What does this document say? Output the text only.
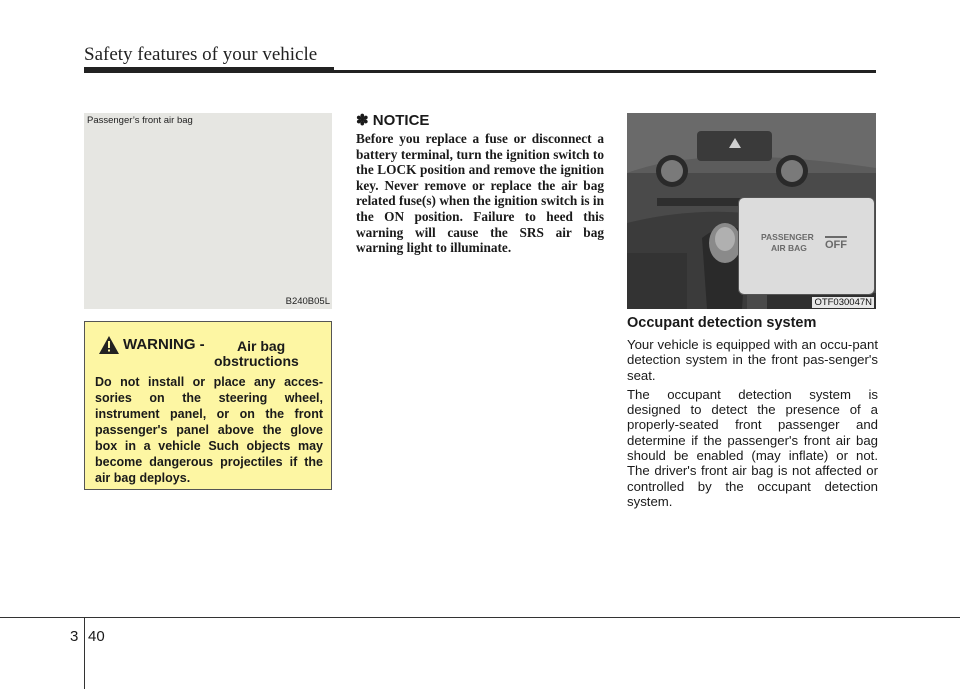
Safety features of your vehicle
Passenger’s front air bag
B240B05L
WARNING - Air bag
obstructions
Do not install or place any acces-sories on the steering wheel, instrument panel, or on the front passenger's panel above the glove box in a vehicle Such objects may become dangerous projectiles if the air bag deploys.
✽ NOTICE
Before you replace a fuse or disconnect a battery terminal, turn the ignition switch to the LOCK position and remove the ignition key. Never remove or replace the air bag related fuse(s) when the ignition switch is in the ON position. Failure to heed this warning will cause the SRS air bag warning light to illuminate.
OTF030047N
PASSENGER
AIR BAG OFF
Occupant detection system

Your vehicle is equipped with an occu-pant detection system in the front pas-senger's seat.

The occupant detection system is designed to detect the presence of a properly-seated front passenger and determine if the passenger's front air bag should be enabled (may inflate) or not. The driver's front air bag is not affected or controlled by the occupant detection system.

3 40
